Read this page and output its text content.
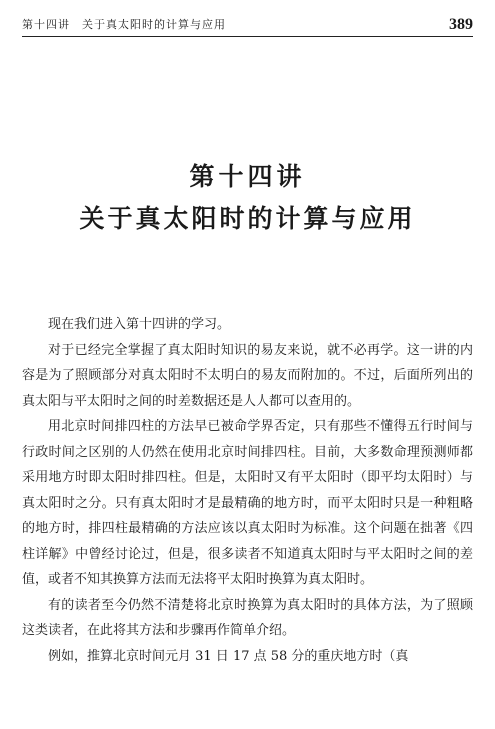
第十四讲　关于真太阳时的计算与应用	389
第十四讲
关于真太阳时的计算与应用

现在我们进入第十四讲的学习。

对于已经完全掌握了真太阳时知识的易友来说，就不必再学。这一讲的内容是为了照顾部分对真太阳时不太明白的易友而附加的。不过，后面所列出的真太阳与平太阳时之间的时差数据还是人人都可以查用的。

用北京时间排四柱的方法早已被命学界否定，只有那些不懂得五行时间与行政时间之区别的人仍然在使用北京时间排四柱。目前，大多数命理预测师都采用地方时即太阳时排四柱。但是，太阳时又有平太阳时（即平均太阳时）与真太阳时之分。只有真太阳时才是最精确的地方时，而平太阳时只是一种粗略的地方时，排四柱最精确的方法应该以真太阳时为标准。这个问题在拙著《四柱详解》中曾经讨论过，但是，很多读者不知道真太阳时与平太阳时之间的差值，或者不知其换算方法而无法将平太阳时换算为真太阳时。

有的读者至今仍然不清楚将北京时换算为真太阳时的具体方法，为了照顾这类读者，在此将其方法和步骤再作简单介绍。

例如，推算北京时间元月 31 日 17 点 58 分的重庆地方时（真
